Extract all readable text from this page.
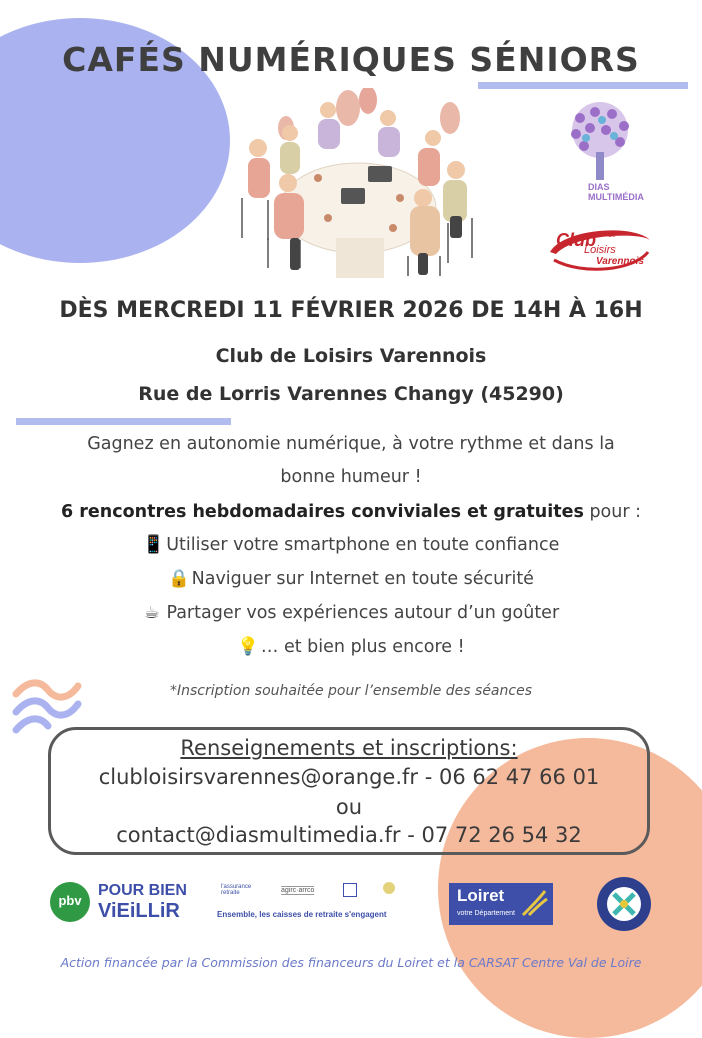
CAFÉS NUMÉRIQUES SÉNIORS
DIAS
MULTIMÉDIA
Club de
Loisirs
Varennois
DÈS MERCREDI 11 FÉVRIER 2026 DE 14H À 16H
Club de Loisirs Varennois
Rue de Lorris Varennes Changy (45290)
Gagnez en autonomie numérique, à votre rythme et dans la
bonne humeur !
6 rencontres hebdomadaires conviviales et gratuites pour :
📱 Utiliser votre smartphone en toute confiance
🔒 Naviguer sur Internet en toute sécurité
☕ Partager vos expériences autour d’un goûter
💡 … et bien plus encore !
*Inscription souhaitée pour l’ensemble des séances
Renseignements et inscriptions:
clubloisirsvarennes@orange.fr - 06 62 47 66 01
ou
contact@diasmultimedia.fr - 07 72 26 54 32
pbv
POUR BIEN
ViEiLLiR
l'assurance retraite	agirc·arrco
Ensemble, les caisses de retraite s'engagent
Loiret
votre Département
Action financée par la Commission des financeurs du Loiret et la CARSAT Centre Val de Loire
